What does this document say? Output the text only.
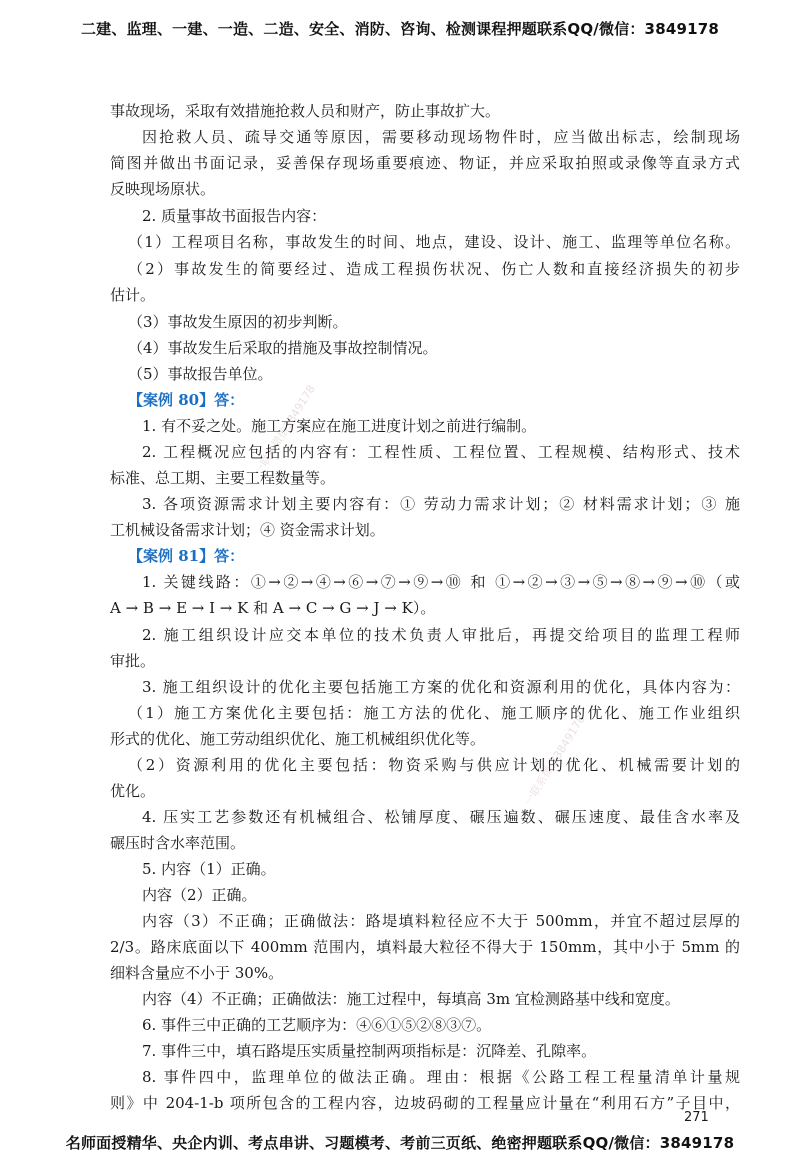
二建、监理、一建、一造、二造、安全、消防、咨询、检测课程押题联系QQ/微信：3849178
一联系微信3849178
一联系微信3849178
事故现场，采取有效措施抢救人员和财产，防止事故扩大。
因抢救人员、疏导交通等原因，需要移动现场物件时，应当做出标志，绘制现场
简图并做出书面记录，妥善保存现场重要痕迹、物证，并应采取拍照或录像等直录方式
反映现场原状。
2. 质量事故书面报告内容：
（1）工程项目名称，事故发生的时间、地点，建设、设计、施工、监理等单位名称。
（2）事故发生的简要经过、造成工程损伤状况、伤亡人数和直接经济损失的初步
估计。
（3）事故发生原因的初步判断。
（4）事故发生后采取的措施及事故控制情况。
（5）事故报告单位。
【案例 80】答：
1. 有不妥之处。施工方案应在施工进度计划之前进行编制。
2. 工程概况应包括的内容有：工程性质、工程位置、工程规模、结构形式、技术
标准、总工期、主要工程数量等。
3. 各项资源需求计划主要内容有：① 劳动力需求计划；② 材料需求计划；③ 施
工机械设备需求计划；④ 资金需求计划。
【案例 81】答：
1. 关键线路：①→②→④→⑥→⑦→⑨→⑩ 和 ①→②→③→⑤→⑧→⑨→⑩（或
A → B → E → I → K 和 A → C → G → J → K）。
2. 施工组织设计应交本单位的技术负责人审批后，再提交给项目的监理工程师
审批。
3. 施工组织设计的优化主要包括施工方案的优化和资源利用的优化，具体内容为：
（1）施工方案优化主要包括：施工方法的优化、施工顺序的优化、施工作业组织
形式的优化、施工劳动组织优化、施工机械组织优化等。
（2）资源利用的优化主要包括：物资采购与供应计划的优化、机械需要计划的
优化。
4. 压实工艺参数还有机械组合、松铺厚度、碾压遍数、碾压速度、最佳含水率及
碾压时含水率范围。
5. 内容（1）正确。
内容（2）正确。
内容（3）不正确；正确做法：路堤填料粒径应不大于 500mm，并宜不超过层厚的
2/3。路床底面以下 400mm 范围内，填料最大粒径不得大于 150mm，其中小于 5mm 的
细料含量应不小于 30%。
内容（4）不正确；正确做法：施工过程中，每填高 3m 宜检测路基中线和宽度。
6. 事件三中正确的工艺顺序为：④⑥①⑤②⑧③⑦。
7. 事件三中，填石路堤压实质量控制两项指标是：沉降差、孔隙率。
8. 事件四中，监理单位的做法正确。理由：根据《公路工程工程量清单计量规
则》中 204-1-b 项所包含的工程内容，边坡码砌的工程量应计量在“利用石方”子目中，
271
名师面授精华、央企内训、考点串讲、习题模考、考前三页纸、绝密押题联系QQ/微信：3849178
